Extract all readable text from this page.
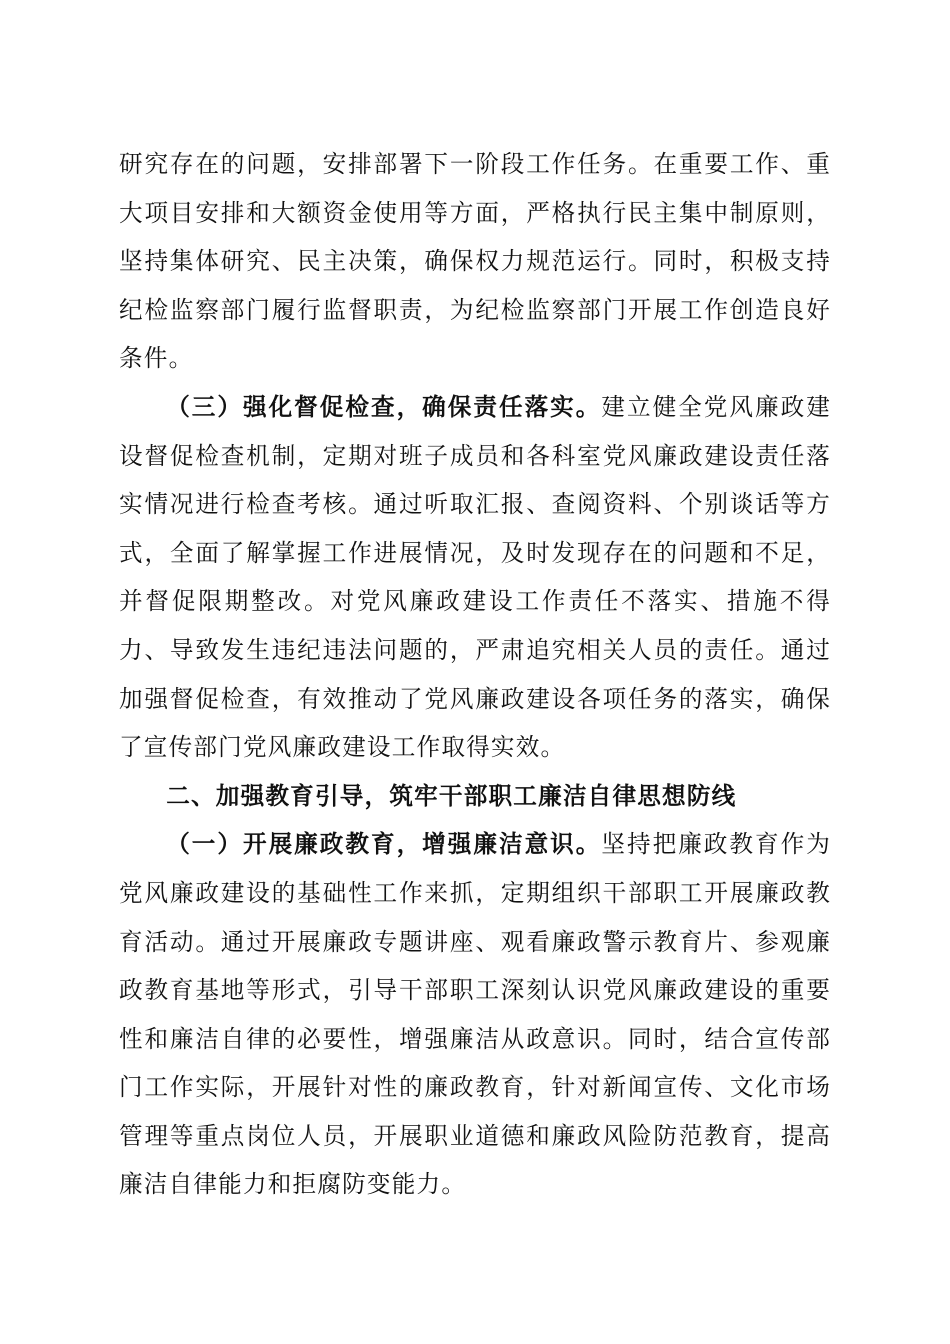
研究存在的问题，安排部署下一阶段工作任务。在重要工作、重大项目安排和大额资金使用等方面，严格执行民主集中制原则，坚持集体研究、民主决策，确保权力规范运行。同时，积极支持纪检监察部门履行监督职责，为纪检监察部门开展工作创造良好条件。

（三）强化督促检查，确保责任落实。建立健全党风廉政建设督促检查机制，定期对班子成员和各科室党风廉政建设责任落实情况进行检查考核。通过听取汇报、查阅资料、个别谈话等方式，全面了解掌握工作进展情况，及时发现存在的问题和不足，并督促限期整改。对党风廉政建设工作责任不落实、措施不得力、导致发生违纪违法问题的，严肃追究相关人员的责任。通过加强督促检查，有效推动了党风廉政建设各项任务的落实，确保了宣传部门党风廉政建设工作取得实效。

二、加强教育引导，筑牢干部职工廉洁自律思想防线

（一）开展廉政教育，增强廉洁意识。坚持把廉政教育作为党风廉政建设的基础性工作来抓，定期组织干部职工开展廉政教育活动。通过开展廉政专题讲座、观看廉政警示教育片、参观廉政教育基地等形式，引导干部职工深刻认识党风廉政建设的重要性和廉洁自律的必要性，增强廉洁从政意识。同时，结合宣传部门工作实际，开展针对性的廉政教育，针对新闻宣传、文化市场管理等重点岗位人员，开展职业道德和廉政风险防范教育，提高廉洁自律能力和拒腐防变能力。
